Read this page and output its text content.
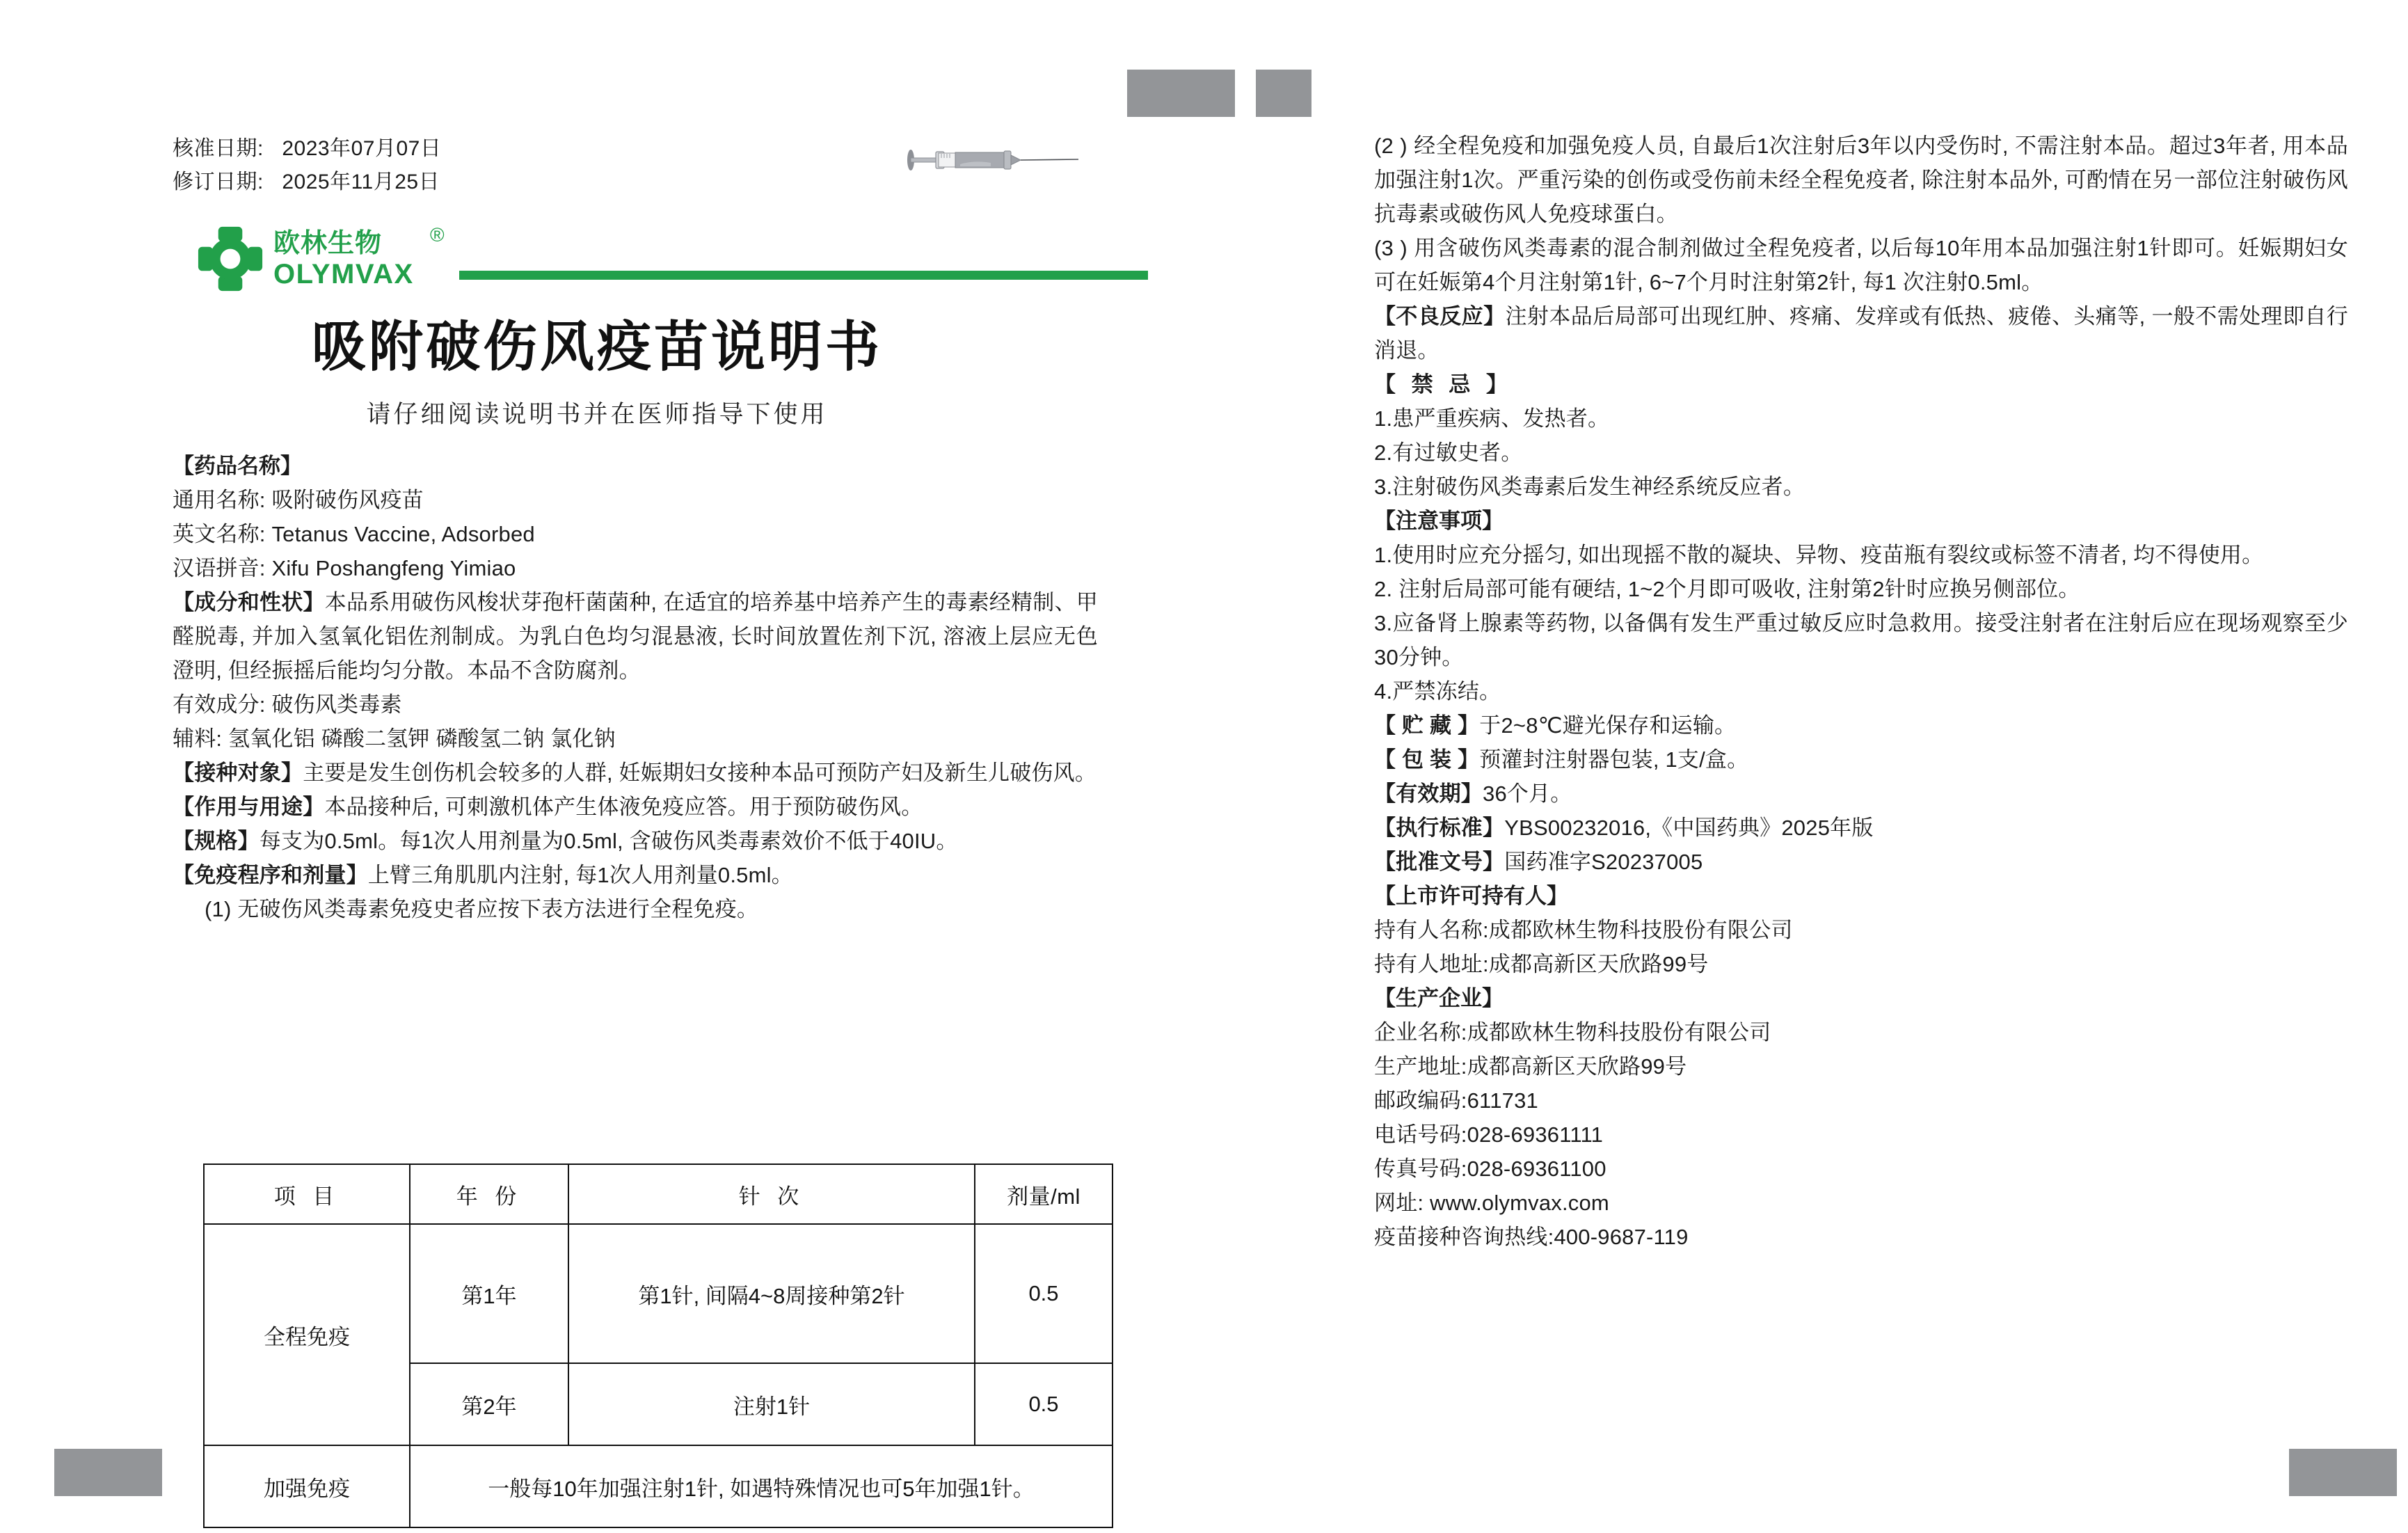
核准日期: 2023年07月07日
修订日期: 2025年11月25日
欧林生物
OLYMVAX
®
吸附破伤风疫苗说明书
请仔细阅读说明书并在医师指导下使用

【药品名称】

通用名称: 吸附破伤风疫苗

英文名称: Tetanus Vaccine, Adsorbed

汉语拼音: Xifu Poshangfeng Yimiao

【成分和性状】本品系用破伤风梭状芽孢杆菌菌种, 在适宜的培养基中培养产生的毒素经精制、甲醛脱毒, 并加入氢氧化铝佐剂制成。为乳白色均匀混悬液, 长时间放置佐剂下沉, 溶液上层应无色澄明, 但经振摇后能均匀分散。本品不含防腐剂。

有效成分: 破伤风类毒素

辅料: 氢氧化铝 磷酸二氢钾 磷酸氢二钠 氯化钠

【接种对象】主要是发生创伤机会较多的人群, 妊娠期妇女接种本品可预防产妇及新生儿破伤风。

【作用与用途】本品接种后, 可刺激机体产生体液免疫应答。用于预防破伤风。

【规格】每支为0.5ml。每1次人用剂量为0.5ml, 含破伤风类毒素效价不低于40IU。

【免疫程序和剂量】上臂三角肌肌内注射, 每1次人用剂量0.5ml。

(1) 无破伤风类毒素免疫史者应按下表方法进行全程免疫。

项 目	年 份	针 次	剂量/ml
全程免疫	第1年	第1针, 间隔4~8周接种第2针	0.5
	第2年	注射1针	0.5
加强免疫	一般每10年加强注射1针, 如遇特殊情况也可5年加强1针。		

(2 ) 经全程免疫和加强免疫人员, 自最后1次注射后3年以内受伤时, 不需注射本品。超过3年者, 用本品加强注射1次。严重污染的创伤或受伤前未经全程免疫者, 除注射本品外, 可酌情在另一部位注射破伤风抗毒素或破伤风人免疫球蛋白。

(3 ) 用含破伤风类毒素的混合制剂做过全程免疫者, 以后每10年用本品加强注射1针即可。妊娠期妇女可在妊娠第4个月注射第1针, 6~7个月时注射第2针, 每1 次注射0.5ml。

【不良反应】注射本品后局部可出现红肿、疼痛、发痒或有低热、疲倦、头痛等, 一般不需处理即自行消退。

【 禁 忌 】

1.患严重疾病、发热者。

2.有过敏史者。

3.注射破伤风类毒素后发生神经系统反应者。

【注意事项】

1.使用时应充分摇匀, 如出现摇不散的凝块、异物、疫苗瓶有裂纹或标签不清者, 均不得使用。

2. 注射后局部可能有硬结, 1~2个月即可吸收, 注射第2针时应换另侧部位。

3.应备肾上腺素等药物, 以备偶有发生严重过敏反应时急救用。接受注射者在注射后应在现场观察至少30分钟。

4.严禁冻结。

【 贮 藏 】于2~8℃避光保存和运输。

【 包 装 】预灌封注射器包装, 1支/盒。

【有效期】36个月。

【执行标准】YBS00232016,《中国药典》2025年版

【批准文号】国药准字S20237005

【上市许可持有人】

持有人名称:成都欧林生物科技股份有限公司

持有人地址:成都高新区天欣路99号

【生产企业】

企业名称:成都欧林生物科技股份有限公司

生产地址:成都高新区天欣路99号

邮政编码:611731

电话号码:028-69361111

传真号码:028-69361100

网址: www.olymvax.com

疫苗接种咨询热线:400-9687-119
